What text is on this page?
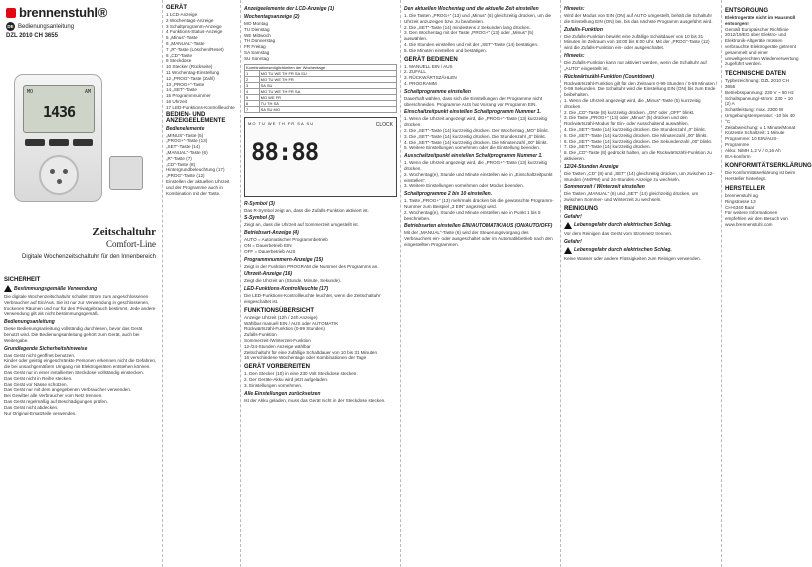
brennenstuhl®
DE Bedienungsanleitung
DZL 2010 CH 3655
MO	AM
1436
Zeitschaltuhr
Comfort-Line
Digitale Wochenzeitschaltuhr für den Innenbereich
SICHERHEIT
Bestimmungsgemäße Verwendung

Die digitale Wochenzeitschaltuhr schaltet Strom zum angeschlossenen Verbraucher auf Ein/Aus. Sie ist nur zur Verwendung in geschlossenen, trockenen Räumen und nur für den Privatgebrauch bestimmt. Jede andere Verwendung gilt als nicht bestimmungsgemäß.

Bedienungsanleitung

Diese Bedienungsanleitung vollständig durchlesen, bevor das Gerät benutzt wird. Die Bedienungsanleitung gehört zum Gerät, auch bei Weitergabe.

Grundlegende Sicherheitshinweise
Das Gerät nicht geöffnet benutzen.
Kinder oder geistig eingeschränkte Personen erkennen nicht die Gefahren, die bei unsachgemäßem Umgang mit Elektrogeräten entstehen können.
Das Gerät nur in einer installierten Steckdose vollständig einstecken.
Das Gerät nicht in Reihe stecken.
Das Gerät vor Nässe schützen.
Das Gerät nur mit dem angegebenen Verbraucher verwenden.
Bei Gewitter alle Verbraucher vom Netz trennen.
Das Gerät regelmäßig auf Beschädigungen prüfen.
Das Gerät nicht abdecken.
Nur Original-Ersatzteile verwenden.
GERÄT
1 LCD-Anzeige
2 Wochentags-Anzeige
3 Schaltprogramm-Anzeige
4 Funktions-Status-Anzeige
5 „Minus“-Taste
6 „MANUAL“-Taste
7 „R“-Taste (Löschen/Reset)
8 „CD“-Taste
9 Steckdose
10 Stecker (Rückseite)
11 Wochentag-Einstellung
12 „PROG“-Taste (Zahl)
13 „PROG+“-Taste
14 „SET“-Taste
15 Programmnummer
16 Uhrzeit
17 LED-Funktions-Kontrollleuchte
BEDIEN- UND ANZEIGEELEMENTE
Bedienelemente
„MINUS“-Taste (5)
„PROG+“-Taste (13)
„SET“-Taste (14)
„MANUAL“-Taste (6)
„R“-Taste (7)
„CD“-Taste (8)
Hintergrundbeleuchtung (17)
„PROG“-Taste (12)

Einstellen der aktuellen Uhrzeit und der Programme auch in Kombination mit der Taste.

Anzeigeelemente der LCD-Anzeige (1)
Wochentagsanzeige (2)
MO Montag
TU Dienstag
WE Mittwoch
TH Donnerstag
FR Freitag
SA Samstag
SU Sonntag
Kombinationsmöglichkeiten der Wochentage	
1	MO TU WE TH FR SA SU
2	MO TU WE TH FR
3	SA SU
4	MO TU WE TH FR SA
5	MO WE FR
6	TU TH SA
7	SA SU MO
MO TU WE TH FR SA SU	CLOCK
88:88
R-Symbol (3)

Das R-Symbol zeigt an, dass die Zufalls-Funktion aktiviert ist.

S-Symbol (3)

Zeigt an, dass die Uhrzeit auf Sommerzeit umgestellt ist.

Betriebsart-Anzeige (4)
AUTO = Automatischer Programmbetrieb
ON = Dauerbetrieb EIN
OFF = Dauerbetrieb AUS
Programmnummern-Anzeige (15)

Zeigt in der Funktion PROGRAM die Nummer des Programms an.

Uhrzeit-Anzeige (16)

Zeigt die Uhrzeit an (Stunde, Minute, Sekunde).

LED-Funktions-Kontrollleuchte (17)

Die LED-Funktions-Kontrollleuchte leuchtet, wenn die Zeitschaltuhr eingeschaltet ist.

FUNKTIONSÜBERSICHT
Anzeige Uhrzeit (12h / 24h Anzeige)
Wählbar manuell EIN / AUS oder AUTOMATIK
Rückwärtszähl-Funktion (0-99 Stunden)
Zufalls-Funktion
Sommerzeit-/Winterzeit-Funktion
12-/24-Stunden Anzeige wählbar
Zeitschaltuhr für eine zufällige Schaltdauer von 10 bis 31 Minuten
16 verschiedene Wochentage oder Kombinationen der Tage
GERÄT VORBEREITEN
1. Den Stecker (10) in eine 230 Volt Steckdose stecken.
2. Der Geräte-Akku wird jetzt aufgeladen.
3. Einstellungen vornehmen.
Alle Einstellungen zurücksetzen

Ist der Akku geladen, muss das Gerät nicht in der Steckdose stecken.

Den aktuellen Wochentag und die aktuelle Zeit einstellen
1. Die Tasten „PROG+“ (13) und „Minus“ (5) gleichzeitig drücken, um die Uhrzeit anzuzeigen bzw. zu bearbeiten.
2. Die „SET“-Taste (14) mindestens 2 Sekunden lang drücken.
3. Den Wochentag mit der Taste „PROG+“ (13) oder „Minus“ (5) auswählen.
4. Die Stunden einstellen und mit der „SET“-Taste (14) bestätigen.
5. Die Minuten einstellen und bestätigen.
GERÄT BEDIENEN
1. MANUELL EIN / AUS
2. ZUFALL
3. RÜCKWÄRTSZÄHLEN
4. PROGRAMM
Schaltprogramme einstellen

Dauerhaft wählen, dass sich die Einstellungen der Programme nicht überschneiden. Programme AUS hat Vorrang vor Programm EIN.

Einschaltzeitpunkt einstellen Schaltprogramm Nummer 1.
1. Wenn die Uhrzeit angezeigt wird, die „PROG+“-Taste (13) kurzzeitig drücken.
2. Die „SET“-Taste (14) kurzzeitig drücken. Der Wochentag „MO“ blinkt.
3. Die „SET“-Taste (14) kurzzeitig drücken. Die Stundenzahl „0“ blinkt.
4. Die „SET“-Taste (14) kurzzeitig drücken. Die Minutenzahl „00“ blinkt.
5. Weitere Einstellungen vornehmen oder die Einstellung beenden.
Ausschaltzeitpunkt einstellen Schaltprogramm Nummer 1.
1. Wenn die Uhrzeit angezeigt wird, die „PROG+“-Taste (13) kurzzeitig drücken.
2. Wochentag(e), Stunde und Minute einstellen wie in „Einschaltzeitpunkt einstellen“.
3. Weitere Einstellungen vornehmen oder Modus beenden.
Schaltprogramme 2 bis 10 einstellen.
1. Taste „PROG+“ (13) mehrmals drücken bis die gewünschte Programm-Nummer zum Beispiel „3 EIN“ angezeigt wird.
2. Wochentag(e), Stunde und Minute einstellen wie in Punkt 1 bis 5 beschrieben.
Betriebsarten einstellen EIN/AUTOMATIK/AUS (ON/AUTO/OFF)

Mit der „MANUAL“-Taste (6) wird der Steuerungsvorgang des Verbrauchers ein- oder ausgeschaltet oder im Automatikbetrieb nach den eingestellten Programmen.

Hinweis:

Wird der Modus von EIN (ON) auf AUTO umgestellt, behält die Schaltuhr die Einstellung EIN (ON) bei, bis das nächste Programm ausgeführt wird.

Zufalls-Funktion

Die Zufalls-Funktion bewirkt eine zufällige Schaltdauer von 10 bis 31 Minuten im Zeitraum von 18:00 bis 6:00 Uhr. Mit der „PROG“-Taste (12) wird die Zufalls-Funktion ein- oder ausgeschaltet.

Hinweis:

Die Zufalls-Funktion kann nur aktiviert werden, wenn die Schaltuhr auf „AUTO“ eingestellt ist.

Rückwärtszähl-Funktion (Countdown)

Rückwärtszähl-Funktion gilt für den Zeitraum 0-99 Stunden / 0-59 Minuten / 0-59 Sekunden. Die Schaltuhr wird die Einstellung EIN (ON) bis zum Ende beibehalten.

1. Wenn die Uhrzeit angezeigt wird, die „Minus“-Taste (5) kurzzeitig drücken.
2. Die „CD“-Taste (8) kurzzeitig drücken. „ON“ oder „OFF“ blinkt.
3. Die Taste „PROG+“ (13) oder „Minus“ (5) drücken und den Rückwärtszähl-Modus für Ein- oder Ausschaltend auswählen.
4. Die „SET“-Taste (14) kurzzeitig drücken. Die Stundenzahl „0“ blinkt.
5. Die „SET“-Taste (14) kurzzeitig drücken. Die Minutenzahl „00“ blinkt.
6. Die „SET“-Taste (14) kurzzeitig drücken. Die Sekundenzahl „00“ blinkt.
7. Die „SET“-Taste (14) kurzzeitig drücken.
8. Die „CD“-Taste (8) gedrückt halten, um die Rückwärtszähl-Funktion zu aktivieren.
12/24-Stunden Anzeige

Die Tasten „CD“ (8) und „SET“ (14) gleichzeitig drücken, um zwischen 12-Stunden (AM/PM) und 24-Stunden Anzeige zu wechseln.

Sommerzeit / Winterzeit einstellen

Die Tasten „MANUAL“ (6) und „SET“ (14) gleichzeitig drücken, um zwischen Sommer- und Winterzeit zu wechseln.

REINIGUNG
Gefahr!
Lebensgefahr durch elektrischen Schlag.

Vor dem Reinigen das Gerät vom Stromnetz trennen.

Gefahr!
Lebensgefahr durch elektrischen Schlag.

Keine Wasser oder andere Flüssigkeiten zum Reinigen verwenden.

ENTSORGUNG

Elektrogeräte nicht im Hausmüll entsorgen!

Gemäß Europäischer Richtlinie 2012/19/EG über Elektro- und Elektronik-Altgeräte müssen verbrauchte Elektrogeräte getrennt gesammelt und einer umweltgerechten Wiederverwertung zugeführt werden.

TECHNISCHE DATEN
Typbezeichnung: DZL 2010 CH 3655
Betriebsspannung: 230 V ~ 50 Hz
Schaltspannung/-strom: 230 ~ 10 (2) A
Schaltleistung: max. 2300 W
Umgebungstemperatur: -10 bis 40 °C
Zeitabweichung: ± 1 Minute/Monat
Kürzeste Schaltzeit: 1 Minute
Programme: 10 EIN/AUS-Programme
Akku: NiMH 1,2 V / 0,16 Ah
IEA-konform
KONFORMITÄTSERKLÄRUNG

Die Konformitätserklärung ist beim Hersteller hinterlegt.

HERSTELLER
brennenstuhl ag
Ringstrasse 13
CH-6340 Baar

Für weitere Informationen empfehlen wir den Besuch von www.brennenstuhl.com
